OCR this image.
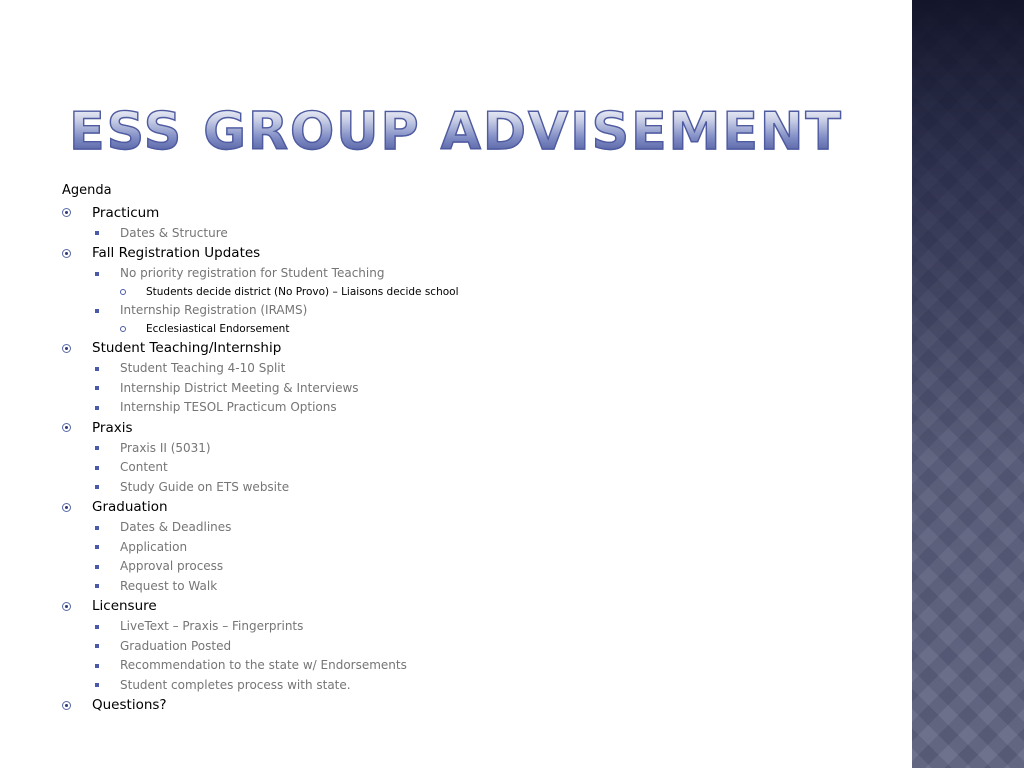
ESS GROUP ADVISEMENT
Agenda
Practicum
Dates & Structure
Fall Registration Updates
No priority registration for Student Teaching
Students decide district (No Provo) – Liaisons decide school
Internship Registration (IRAMS)
Ecclesiastical Endorsement
Student Teaching/Internship
Student Teaching 4-10 Split
Internship District Meeting & Interviews
Internship TESOL Practicum Options
Praxis
Praxis II (5031)
Content
Study Guide on ETS website
Graduation
Dates & Deadlines
Application
Approval process
Request to Walk
Licensure
LiveText – Praxis – Fingerprints
Graduation Posted
Recommendation to the state w/ Endorsements
Student completes process with state.
Questions?
